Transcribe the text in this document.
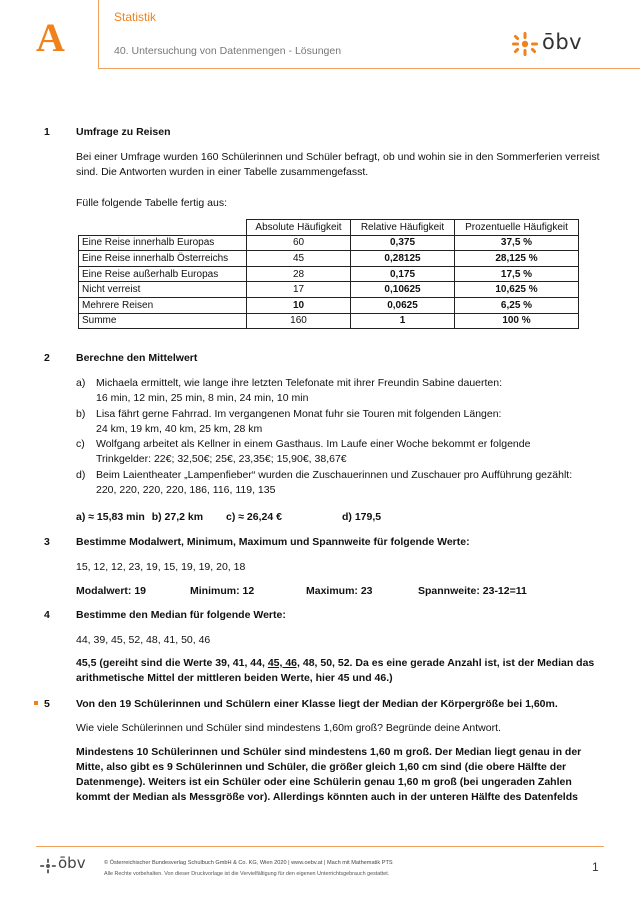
A	Statistik
40. Untersuchung von Datenmengen - Lösungen	ōbv
1 Umfrage zu Reisen
Bei einer Umfrage wurden 160 Schülerinnen und Schüler befragt, ob und wohin sie in den Sommerferien verreist sind. Die Antworten wurden in einer Tabelle zusammengefasst.
Fülle folgende Tabelle fertig aus:
	Absolute Häufigkeit	Relative Häufigkeit	Prozentuelle Häufigkeit
Eine Reise innerhalb Europas	60	0,375	37,5 %
Eine Reise innerhalb Österreichs	45	0,28125	28,125 %
Eine Reise außerhalb Europas	28	0,175	17,5 %
Nicht verreist	17	0,10625	10,625 %
Mehrere Reisen	10	0,0625	6,25 %
Summe	160	1	100 %
2 Berechne den Mittelwert
a) Michaela ermittelt, wie lange ihre letzten Telefonate mit ihrer Freundin Sabine dauerten:
16 min, 12 min, 25 min, 8 min, 24 min, 10 min
b) Lisa fährt gerne Fahrrad. Im vergangenen Monat fuhr sie Touren mit folgenden Längen:
24 km, 19 km, 40 km, 25 km, 28 km
c) Wolfgang arbeitet als Kellner in einem Gasthaus. Im Laufe einer Woche bekommt er folgende
Trinkgelder: 22€; 32,50€; 25€, 23,35€; 15,90€, 38,67€
d) Beim Laientheater „Lampenfieber“ wurden die Zuschauerinnen und Zuschauer pro Aufführung gezählt:
220, 220, 220, 220, 186, 116, 119, 135
a) ≈ 15,83 min b) 27,2 km c) ≈ 26,24 €	d) 179,5
3 Bestimme Modalwert, Minimum, Maximum und Spannweite für folgende Werte:
15, 12, 12, 23, 19, 15, 19, 19, 20, 18
Modalwert: 19	Minimum: 12	Maximum: 23	Spannweite: 23-12=11
4 Bestimme den Median für folgende Werte:
44, 39, 45, 52, 48, 41, 50, 46
45,5 (gereiht sind die Werte 39, 41, 44, 45, 46, 48, 50, 52. Da es eine gerade Anzahl ist, ist der Median das arithmetische Mittel der mittleren beiden Werte, hier 45 und 46.)
5 Von den 19 Schülerinnen und Schülern einer Klasse liegt der Median der Körpergröße bei 1,60m.
Wie viele Schülerinnen und Schüler sind mindestens 1,60m groß? Begründe deine Antwort.
Mindestens 10 Schülerinnen und Schüler sind mindestens 1,60 m groß. Der Median liegt genau in der Mitte, also gibt es 9 Schülerinnen und Schüler, die größer gleich 1,60 cm sind (die obere Hälfte der Datenmenge). Weiters ist ein Schüler oder eine Schülerin genau 1,60 m groß (bei ungeraden Zahlen kommt der Median als Messgröße vor). Allerdings könnten auch in der unteren Hälfte des Datenfelds
ōbv	© Österreichischer Bundesverlag Schulbuch GmbH & Co. KG, Wien 2020 | www.oebv.at | Mach mit Mathematik PTS
Alle Rechte vorbehalten. Von dieser Druckvorlage ist die Vervielfältigung für den eigenen Unterrichtsgebrauch gestattet.	1
